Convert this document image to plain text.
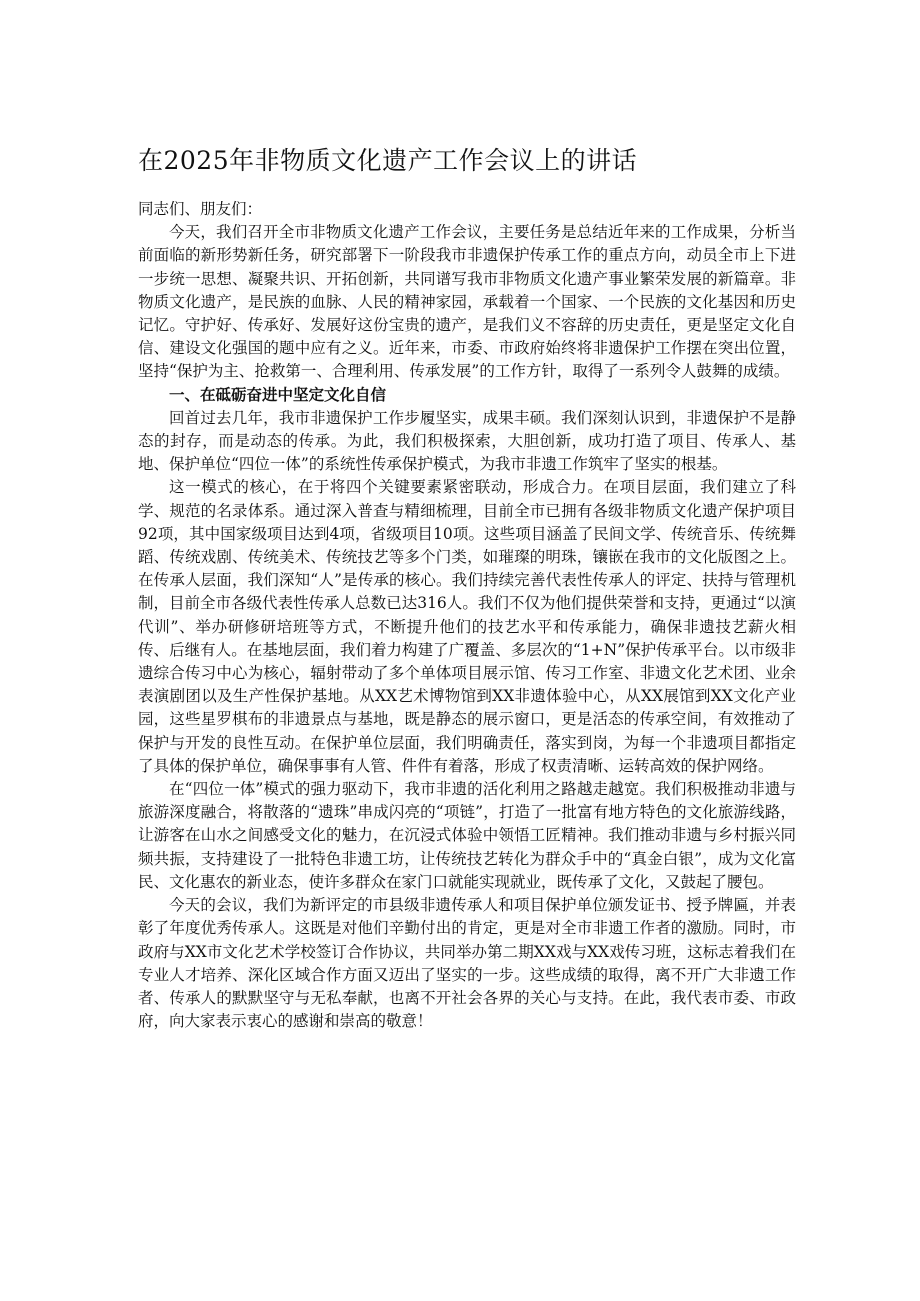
在2025年非物质文化遗产工作会议上的讲话

同志们、朋友们：

今天，我们召开全市非物质文化遗产工作会议，主要任务是总结近年来的工作成果，分析当前面临的新形势新任务，研究部署下一阶段我市非遗保护传承工作的重点方向，动员全市上下进一步统一思想、凝聚共识、开拓创新，共同谱写我市非物质文化遗产事业繁荣发展的新篇章。非物质文化遗产，是民族的血脉、人民的精神家园，承载着一个国家、一个民族的文化基因和历史记忆。守护好、传承好、发展好这份宝贵的遗产，是我们义不容辞的历史责任，更是坚定文化自信、建设文化强国的题中应有之义。近年来，市委、市政府始终将非遗保护工作摆在突出位置，坚持“保护为主、抢救第一、合理利用、传承发展”的工作方针，取得了一系列令人鼓舞的成绩。

一、在砥砺奋进中坚定文化自信

回首过去几年，我市非遗保护工作步履坚实，成果丰硕。我们深刻认识到，非遗保护不是静态的封存，而是动态的传承。为此，我们积极探索，大胆创新，成功打造了项目、传承人、基地、保护单位“四位一体”的系统性传承保护模式，为我市非遗工作筑牢了坚实的根基。

这一模式的核心，在于将四个关键要素紧密联动，形成合力。在项目层面，我们建立了科学、规范的名录体系。通过深入普查与精细梳理，目前全市已拥有各级非物质文化遗产保护项目92项，其中国家级项目达到4项，省级项目10项。这些项目涵盖了民间文学、传统音乐、传统舞蹈、传统戏剧、传统美术、传统技艺等多个门类，如璀璨的明珠，镶嵌在我市的文化版图之上。在传承人层面，我们深知“人”是传承的核心。我们持续完善代表性传承人的评定、扶持与管理机制，目前全市各级代表性传承人总数已达316人。我们不仅为他们提供荣誉和支持，更通过“以演代训”、举办研修研培班等方式，不断提升他们的技艺水平和传承能力，确保非遗技艺薪火相传、后继有人。在基地层面，我们着力构建了广覆盖、多层次的“1+N”保护传承平台。以市级非遗综合传习中心为核心，辐射带动了多个单体项目展示馆、传习工作室、非遗文化艺术团、业余表演剧团以及生产性保护基地。从XX艺术博物馆到XX非遗体验中心，从XX展馆到XX文化产业园，这些星罗棋布的非遗景点与基地，既是静态的展示窗口，更是活态的传承空间，有效推动了保护与开发的良性互动。在保护单位层面，我们明确责任，落实到岗，为每一个非遗项目都指定了具体的保护单位，确保事事有人管、件件有着落，形成了权责清晰、运转高效的保护网络。

在“四位一体”模式的强力驱动下，我市非遗的活化利用之路越走越宽。我们积极推动非遗与旅游深度融合，将散落的“遗珠”串成闪亮的“项链”，打造了一批富有地方特色的文化旅游线路，让游客在山水之间感受文化的魅力，在沉浸式体验中领悟工匠精神。我们推动非遗与乡村振兴同频共振，支持建设了一批特色非遗工坊，让传统技艺转化为群众手中的“真金白银”，成为文化富民、文化惠农的新业态，使许多群众在家门口就能实现就业，既传承了文化，又鼓起了腰包。

今天的会议，我们为新评定的市县级非遗传承人和项目保护单位颁发证书、授予牌匾，并表彰了年度优秀传承人。这既是对他们辛勤付出的肯定，更是对全市非遗工作者的激励。同时，市政府与XX市文化艺术学校签订合作协议，共同举办第二期XX戏与XX戏传习班，这标志着我们在专业人才培养、深化区域合作方面又迈出了坚实的一步。这些成绩的取得，离不开广大非遗工作者、传承人的默默坚守与无私奉献，也离不开社会各界的关心与支持。在此，我代表市委、市政府，向大家表示衷心的感谢和崇高的敬意！
